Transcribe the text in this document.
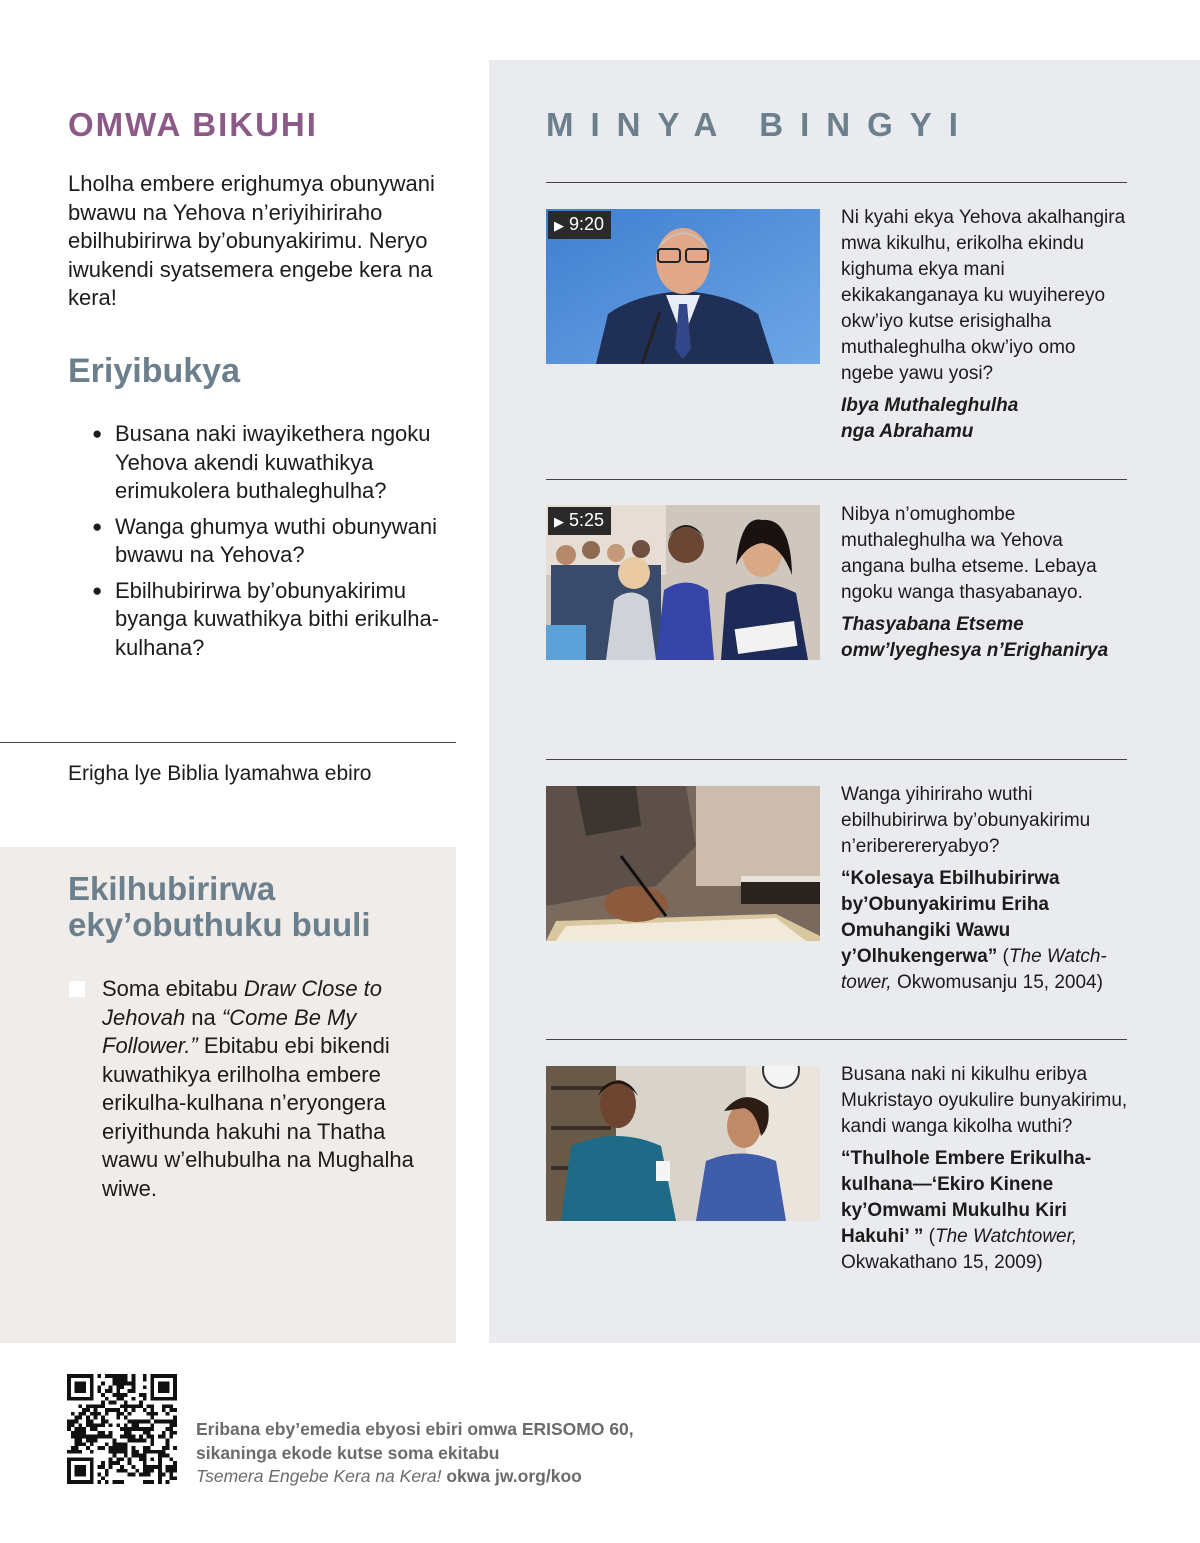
OMWA BIKUHI

Lholha embere erighumya obunywani bwawu na Yehova n’eriyihiriraho ebilhubirirwa by’obunyakirimu. Neryo iwukendi syatsemera engebe kera na kera!

Eriyibukya
● Busana naki iwayikethera ngoku Yehova akendi kuwathikya erimukolera buthaleghulha?
● Wanga ghumya wuthi obunywani bwawu na Yehova?
● Ebilhubirirwa by’obunyakirimu byanga kuwathikya bithi erikulha-kulhana?

Erigha lye Biblia lyamahwa ebiro

Ekilhubirirwa eky’obuthuku buuli

Soma ebitabu Draw Close to Jehovah na “Come Be My Follower.” Ebitabu ebi bikendi kuwathikya erilholha embere erikulha-kulhana n’eryongera eriyithunda hakuhi na Thatha wawu w’elhubulha na Mughalha wiwe.

MINYA BINGYI
▶ 9:20	Ni kyahi ekya Yehova akalhangira mwa kikulhu, erikolha ekindu kighuma ekya mani ekikakanganaya ku wuyihereyo okw’iyo kutse erisighalha muthaleghulha okw’iyo omo ngebe yawu yosi?
Ibya Muthaleghulha
nga Abrahamu
▶ 5:25	Nibya n’omughombe muthaleghulha wa Yehova angana bulha etseme. Lebaya ngoku wanga thasyabanayo.
Thasyabana Etseme
omw’lyeghesya n’Erighanirya
Wanga yihiriraho wuthi ebilhubirirwa by’obunyakirimu n’eriberereryabyo?
“Kolesaya Ebilhubirirwa by’Obunyakirimu Eriha Omuhangiki Wawu y’Olhukengerwa” (The Watch-tower, Okwomusanju 15, 2004)
Busana naki ni kikulhu eribya Mukristayo oyukulire bunyakirimu, kandi wanga kikolha wuthi?
“Thulhole Embere Erikulha-kulhana—‘Ekiro Kinene ky’Omwami Mukulhu Kiri Hakuhi’ ” (The Watchtower, Okwakathano 15, 2009)

Eribana eby’emedia ebyosi ebiri omwa ERISOMO 60,
sikaninga ekode kutse soma ekitabu
Tsemera Engebe Kera na Kera! okwa jw.org/koo
